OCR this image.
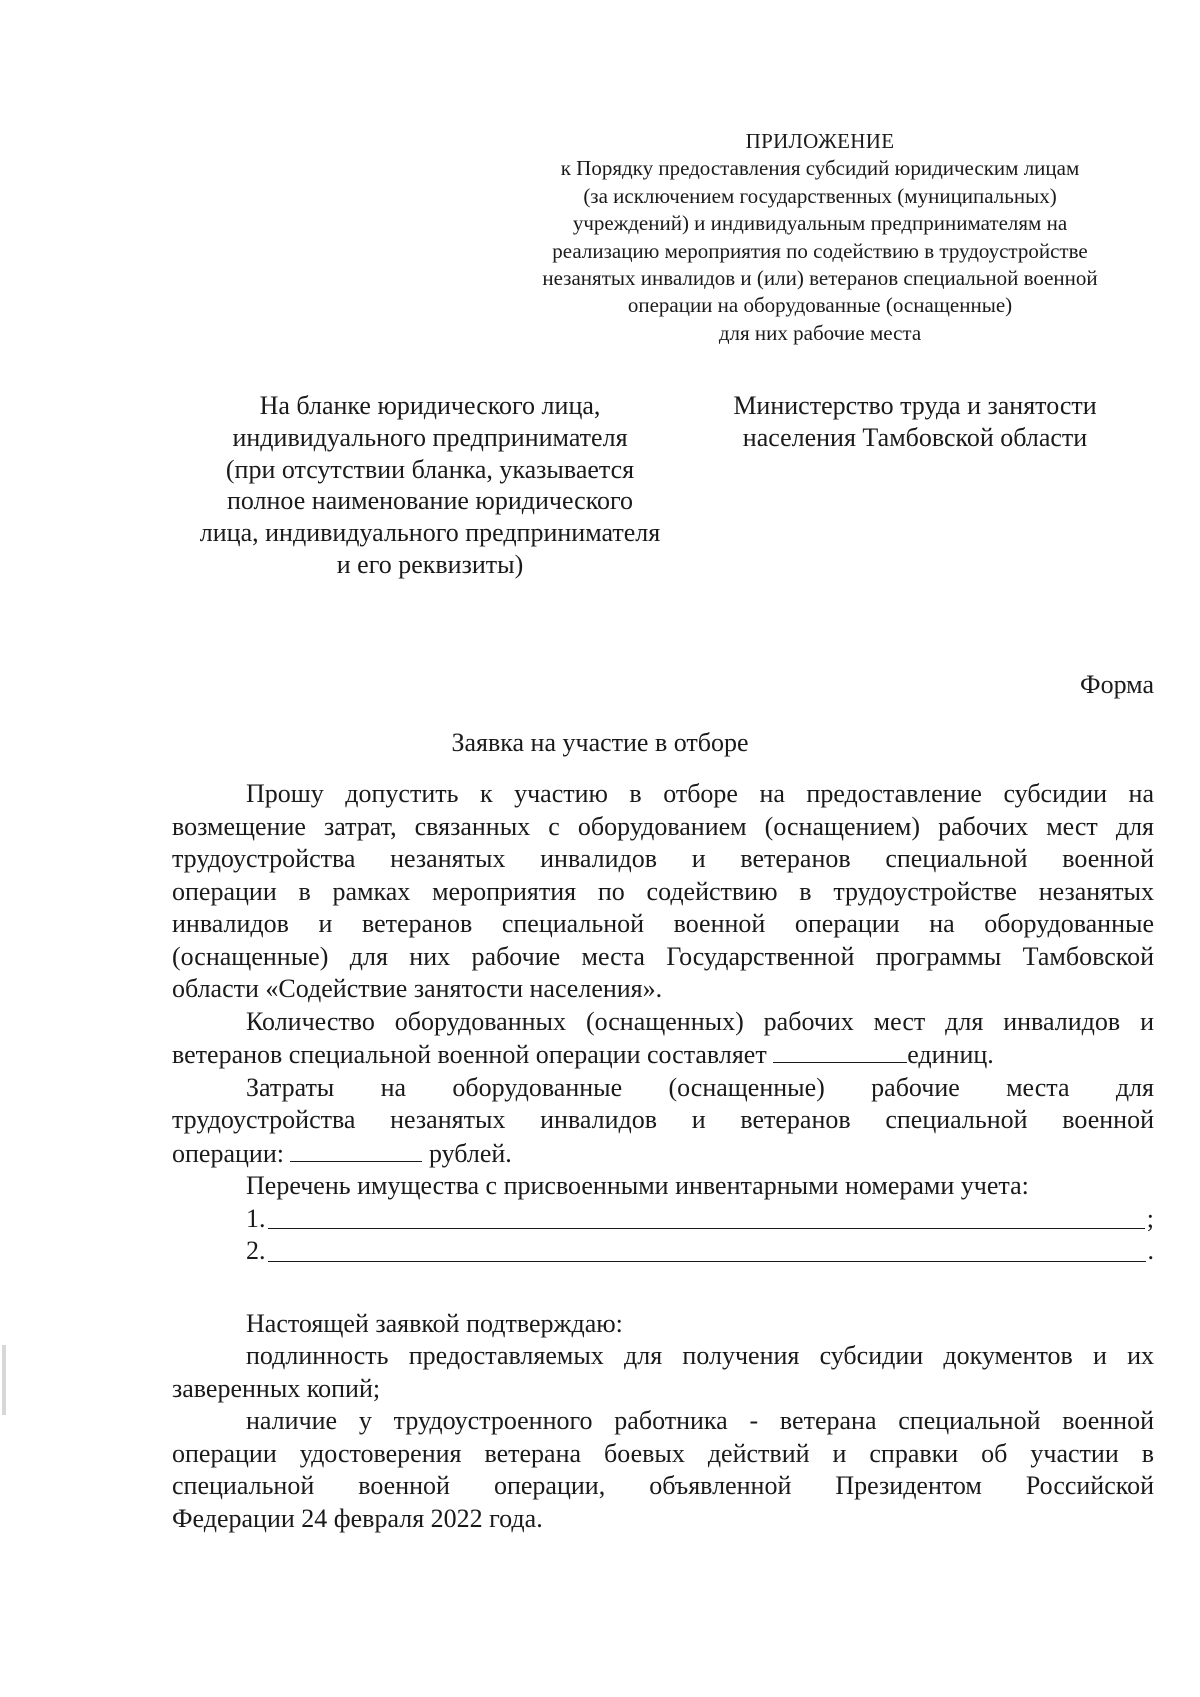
ПРИЛОЖЕНИЕ
к Порядку предоставления субсидий юридическим лицам
(за исключением государственных (муниципальных)
учреждений) и индивидуальным предпринимателям на
реализацию мероприятия по содействию в трудоустройстве
незанятых инвалидов и (или) ветеранов специальной военной
операции на оборудованные (оснащенные)
для них рабочие места
На бланке юридического лица,
индивидуального предпринимателя
(при отсутствии бланка, указывается
полное наименование юридического
лица, индивидуального предпринимателя
и его реквизиты)
Министерство труда и занятости
населения Тамбовской области
Форма
Заявка на участие в отборе
Прошу допустить к участию в отборе на предоставление субсидии на
возмещение затрат, связанных с оборудованием (оснащением) рабочих мест для
трудоустройства незанятых инвалидов и ветеранов специальной военной
операции в рамках мероприятия по содействию в трудоустройстве незанятых
инвалидов и ветеранов специальной военной операции на оборудованные
(оснащенные) для них рабочие места Государственной программы Тамбовской
области «Содействие занятости населения».
Количество оборудованных (оснащенных) рабочих мест для инвалидов и
ветеранов специальной военной операции составляет	единиц.
Затраты на оборудованные (оснащенные) рабочие места для
трудоустройства незанятых инвалидов и ветеранов специальной военной
операции:	рублей.
Перечень имущества с присвоенными инвентарными номерами учета:
1.	;
2.	.
Настоящей заявкой подтверждаю:
подлинность предоставляемых для получения субсидии документов и их
заверенных копий;
наличие у трудоустроенного работника - ветерана специальной военной
операции удостоверения ветерана боевых действий и справки об участии в
специальной военной операции, объявленной Президентом Российской
Федерации 24 февраля 2022 года.
